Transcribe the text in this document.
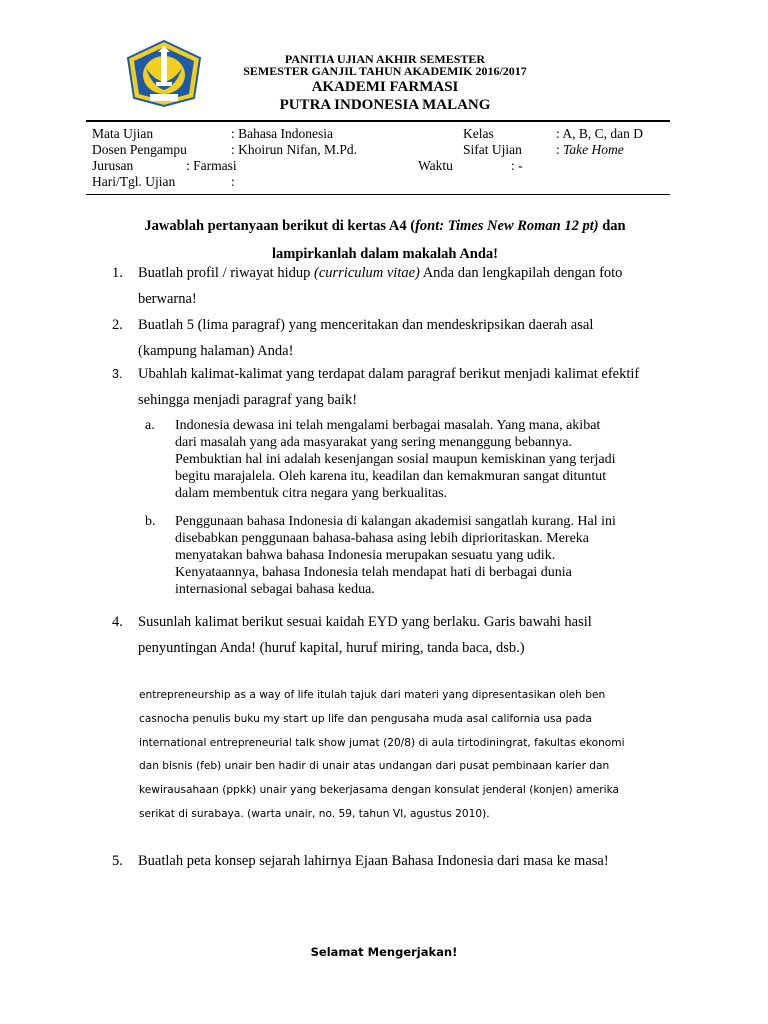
PANITIA UJIAN AKHIR SEMESTER
SEMESTER GANJIL TAHUN AKADEMIK 2016/2017
AKADEMI FARMASI
PUTRA INDONESIA MALANG
Mata Ujian	: Bahasa Indonesia	Kelas	: A, B, C, dan D
Dosen Pengampu	: Khoirun Nifan, M.Pd.	Sifat Ujian	: Take Home
Jurusan	: Farmasi	Waktu	: -
Hari/Tgl. Ujian	:
Jawablah pertanyaan berikut di kertas A4 (font: Times New Roman 12 pt) dan
lampirkanlah dalam makalah Anda!
1. Buatlah profil / riwayat hidup (curriculum vitae) Anda dan lengkapilah dengan foto
berwarna!
2. Buatlah 5 (lima paragraf) yang menceritakan dan mendeskripsikan daerah asal
(kampung halaman) Anda!
3. Ubahlah kalimat-kalimat yang terdapat dalam paragraf berikut menjadi kalimat efektif
sehingga menjadi paragraf yang baik!
a. Indonesia dewasa ini telah mengalami berbagai masalah. Yang mana, akibat
dari masalah yang ada masyarakat yang sering menanggung bebannya.
Pembuktian hal ini adalah kesenjangan sosial maupun kemiskinan yang terjadi
begitu marajalela. Oleh karena itu, keadilan dan kemakmuran sangat dituntut
dalam membentuk citra negara yang berkualitas.
b. Penggunaan bahasa Indonesia di kalangan akademisi sangatlah kurang. Hal ini
disebabkan penggunaan bahasa-bahasa asing lebih diprioritaskan. Mereka
menyatakan bahwa bahasa Indonesia merupakan sesuatu yang udik.
Kenyataannya, bahasa Indonesia telah mendapat hati di berbagai dunia
internasional sebagai bahasa kedua.
4. Susunlah kalimat berikut sesuai kaidah EYD yang berlaku. Garis bawahi hasil
penyuntingan Anda! (huruf kapital, huruf miring, tanda baca, dsb.)
entrepreneurship as a way of life itulah tajuk dari materi yang dipresentasikan oleh ben
casnocha penulis buku my start up life dan pengusaha muda asal california usa pada
international entrepreneurial talk show jumat (20/8) di aula tirtodiningrat, fakultas ekonomi
dan bisnis (feb) unair ben hadir di unair atas undangan dari pusat pembinaan karier dan
kewirausahaan (ppkk) unair yang bekerjasama dengan konsulat jenderal (konjen) amerika
serikat di surabaya. (warta unair, no. 59, tahun VI, agustus 2010).
5. Buatlah peta konsep sejarah lahirnya Ejaan Bahasa Indonesia dari masa ke masa!
Selamat Mengerjakan!
